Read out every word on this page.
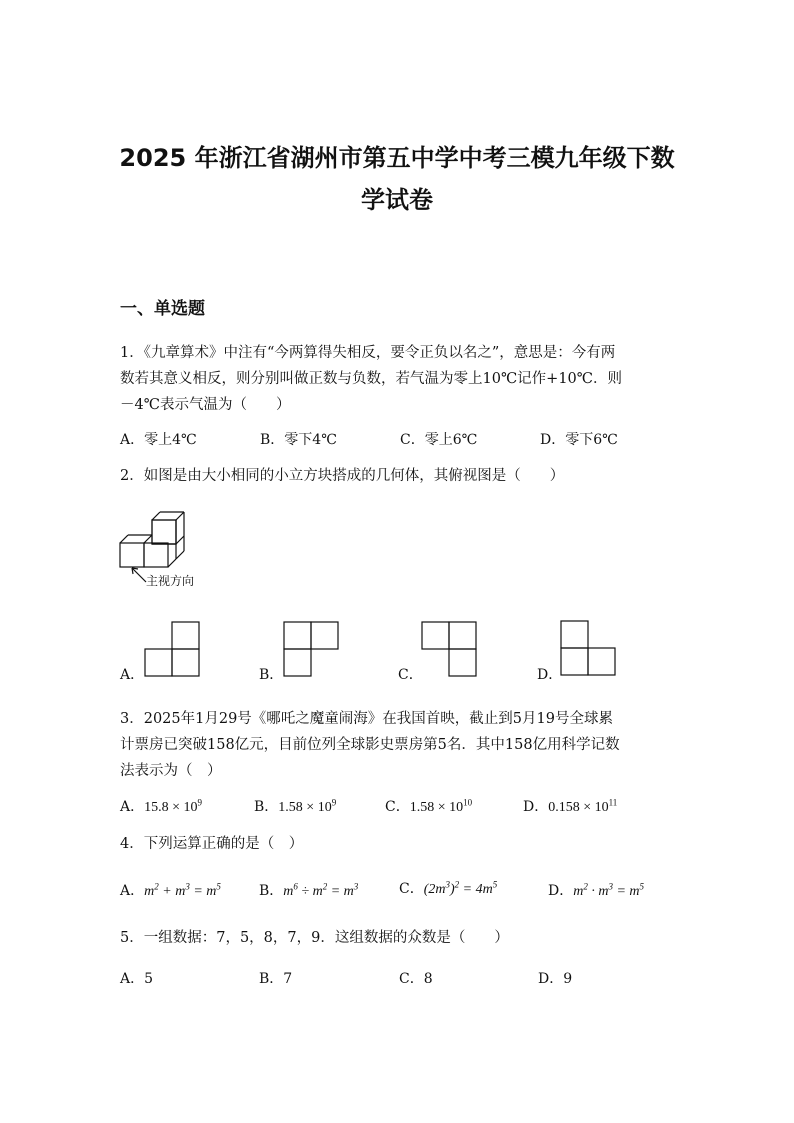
2025 年浙江省湖州市第五中学中考三模九年级下数
学试卷
一、单选题
1．《九章算术》中注有“今两算得失相反，要令正负以名之”，意思是：今有两
数若其意义相反，则分别叫做正数与负数，若气温为零上10℃记作+10℃．则
－4℃表示气温为（　　）
A．零上4℃	B．零下4℃	C．零上6℃	D．零下6℃
2．如图是由大小相同的小立方块搭成的几何体，其俯视图是（　　）
主视方向
A．	B．	C．	D．
3．2025年1月29号《哪吒之魔童闹海》在我国首映，截止到5月19号全球累
计票房已突破158亿元，目前位列全球影史票房第5名．其中158亿用科学记数
法表示为（　）
A．$15.8 \times 10^9$	B．$1.58 \times 10^9$	C．$1.58 \times 10^{10}$	D．$0.158 \times 10^{11}$
4．下列运算正确的是（　）
A．$m^2 + m^3 = m^5$	B．$m^6 \div m^2 = m^3$	C．$(2m^3)^2 = 4m^5$	D．$m^2 \cdot m^3 = m^5$
5．一组数据：7，5，8，7，9．这组数据的众数是（　　）
A．5	B．7	C．8	D．9
